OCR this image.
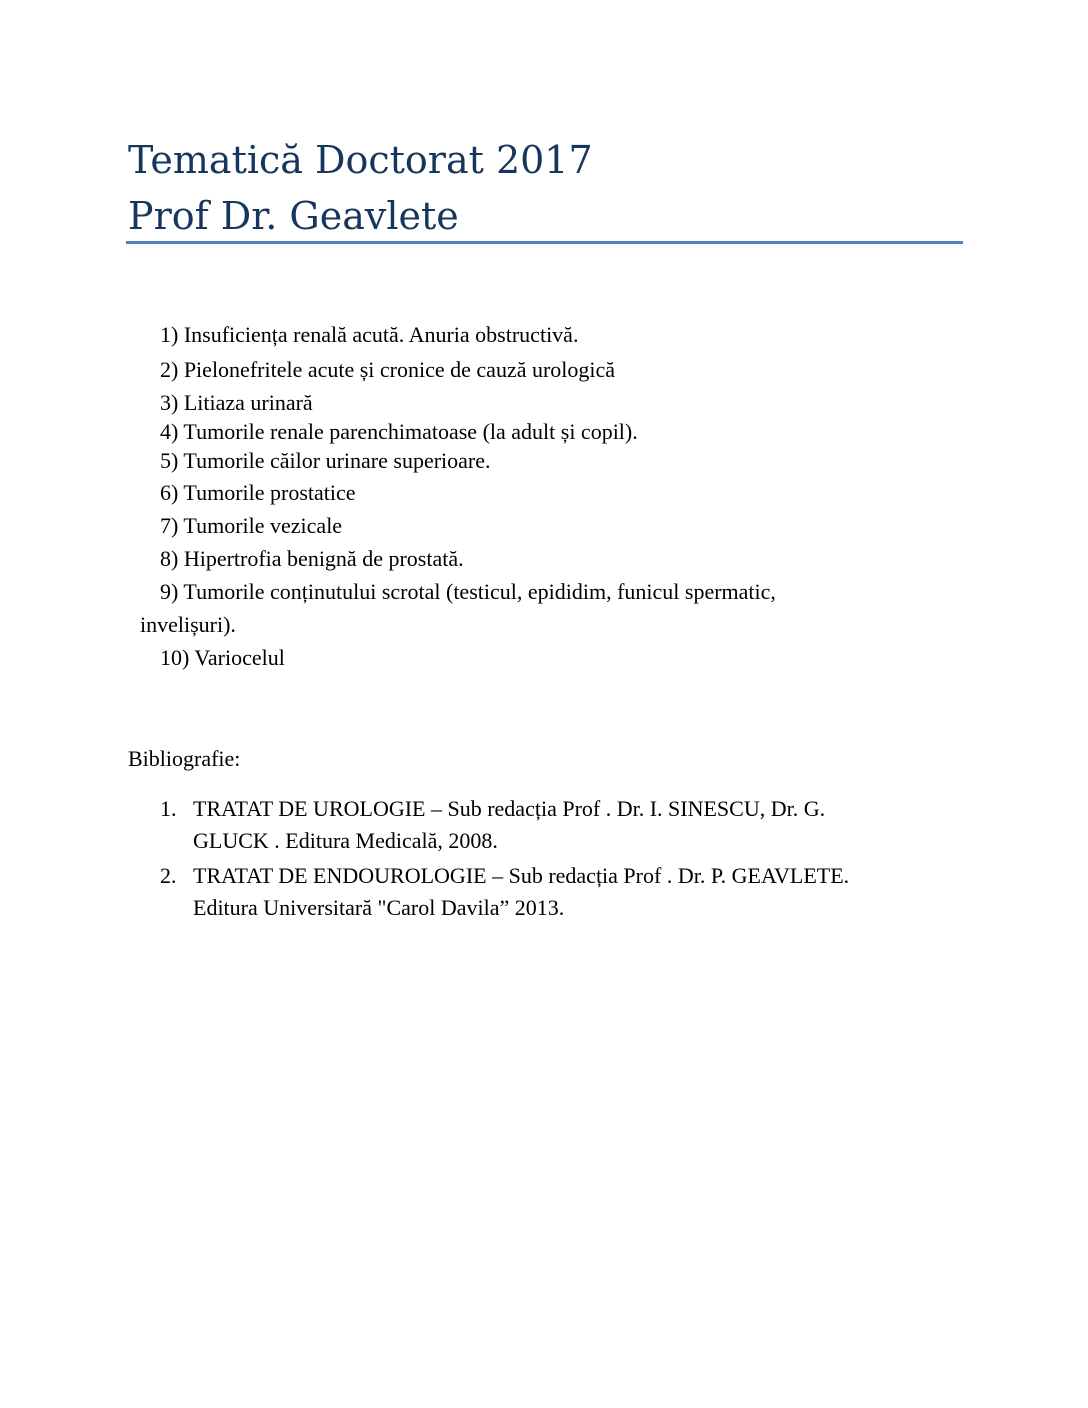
Tematică Doctorat 2017
Prof Dr. Geavlete
1) Insuficiența renală acută. Anuria obstructivă.
2) Pielonefritele acute și cronice de cauză urologică
3) Litiaza urinară
4) Tumorile renale parenchimatoase (la adult și copil).
5) Tumorile căilor urinare superioare.
6) Tumorile prostatice
7) Tumorile vezicale
8) Hipertrofia benignă de prostată.
9) Tumorile conținutului scrotal (testicul, epididim, funicul spermatic,
invelișuri).
10) Variocelul
Bibliografie:
1. TRATAT DE UROLOGIE – Sub redacția Prof . Dr. I. SINESCU, Dr. G.
GLUCK . Editura Medicală, 2008.
2. TRATAT DE ENDOUROLOGIE – Sub redacția Prof . Dr. P. GEAVLETE.
Editura Universitară "Carol Davila” 2013.
